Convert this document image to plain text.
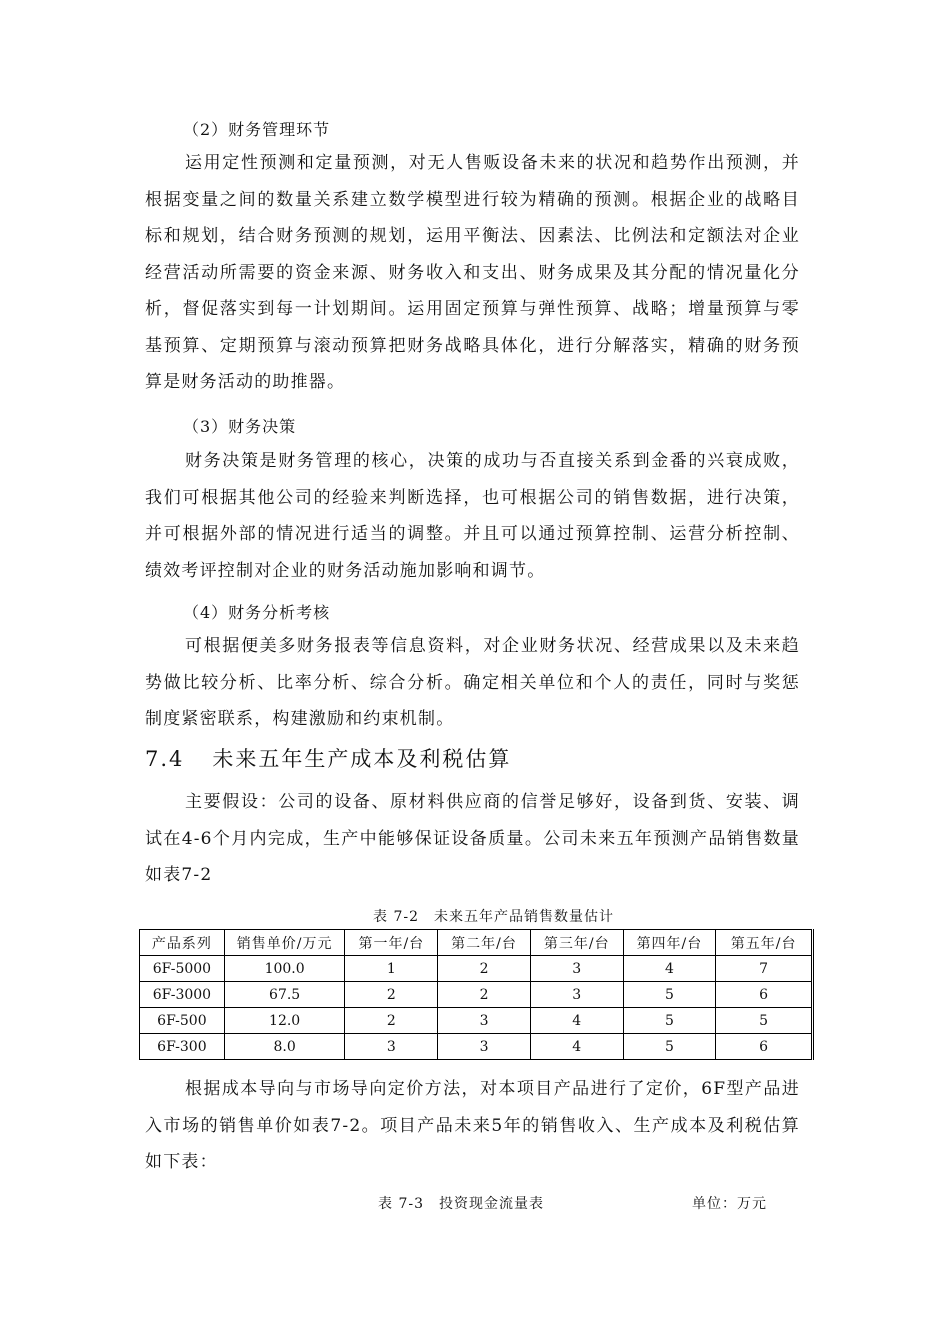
（2）财务管理环节

运用定性预测和定量预测，对无人售贩设备未来的状况和趋势作出预测，并根据变量之间的数量关系建立数学模型进行较为精确的预测。根据企业的战略目标和规划，结合财务预测的规划，运用平衡法、因素法、比例法和定额法对企业经营活动所需要的资金来源、财务收入和支出、财务成果及其分配的情况量化分析，督促落实到每一计划期间。运用固定预算与弹性预算、战略；增量预算与零基预算、定期预算与滚动预算把财务战略具体化，进行分解落实，精确的财务预算是财务活动的助推器。

（3）财务决策

财务决策是财务管理的核心，决策的成功与否直接关系到金番的兴衰成败，我们可根据其他公司的经验来判断选择，也可根据公司的销售数据，进行决策，并可根据外部的情况进行适当的调整。并且可以通过预算控制、运营分析控制、绩效考评控制对企业的财务活动施加影响和调节。

（4）财务分析考核

可根据便美多财务报表等信息资料，对企业财务状况、经营成果以及未来趋势做比较分析、比率分析、综合分析。确定相关单位和个人的责任，同时与奖惩制度紧密联系，构建激励和约束机制。

7.4 未来五年生产成本及利税估算

主要假设：公司的设备、原材料供应商的信誉足够好，设备到货、安装、调试在4-6个月内完成，生产中能够保证设备质量。公司未来五年预测产品销售数量如表7-2

表 7-2　未来五年产品销售数量估计
产品系列	销售单价/万元	第一年/台	第二年/台	第三年/台	第四年/台	第五年/台
6F-5000	100.0	1	2	3	4	7
6F-3000	67.5	2	2	3	5	6
6F-500	12.0	2	3	4	5	5
6F-300	8.0	3	3	4	5	6

根据成本导向与市场导向定价方法，对本项目产品进行了定价，6F型产品进入市场的销售单价如表7-2。项目产品未来5年的销售收入、生产成本及利税估算如下表：

表 7-3　投资现金流量表	单位：万元
